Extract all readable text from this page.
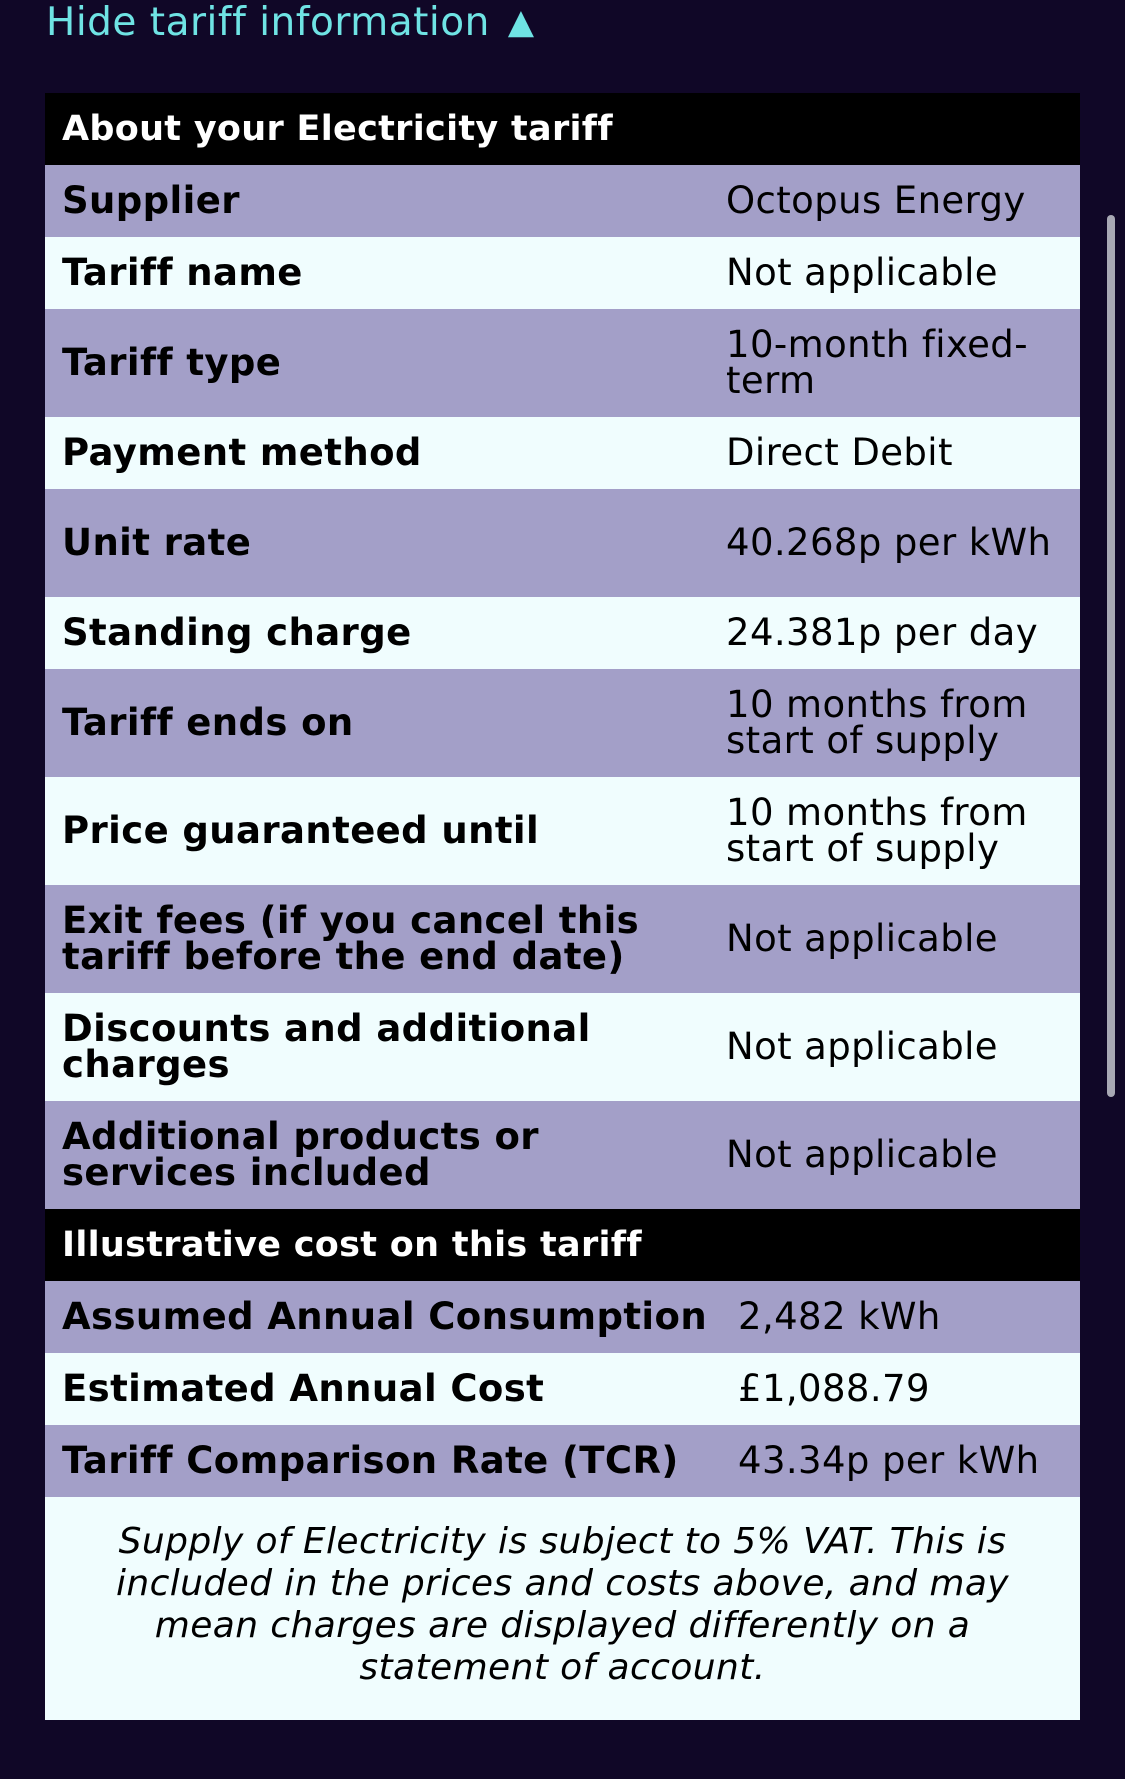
Hide tariff information ▲
About your Electricity tariff	
Supplier	Octopus Energy
Tariff name	Not applicable
Tariff type	10-month fixed-term
Payment method	Direct Debit
Unit rate	40.268p per kWh
Standing charge	24.381p per day
Tariff ends on	10 months from start of supply
Price guaranteed until	10 months from start of supply
Exit fees (if you cancel this tariff before the end date)	Not applicable
Discounts and additional charges	Not applicable
Additional products or services included	Not applicable
Illustrative cost on this tariff	
Assumed Annual Consumption	2,482 kWh
Estimated Annual Cost	£1,088.79
Tariff Comparison Rate (TCR)	43.34p per kWh
Supply of Electricity is subject to 5% VAT. This is included in the prices and costs above, and may mean charges are displayed differently on a statement of account.
